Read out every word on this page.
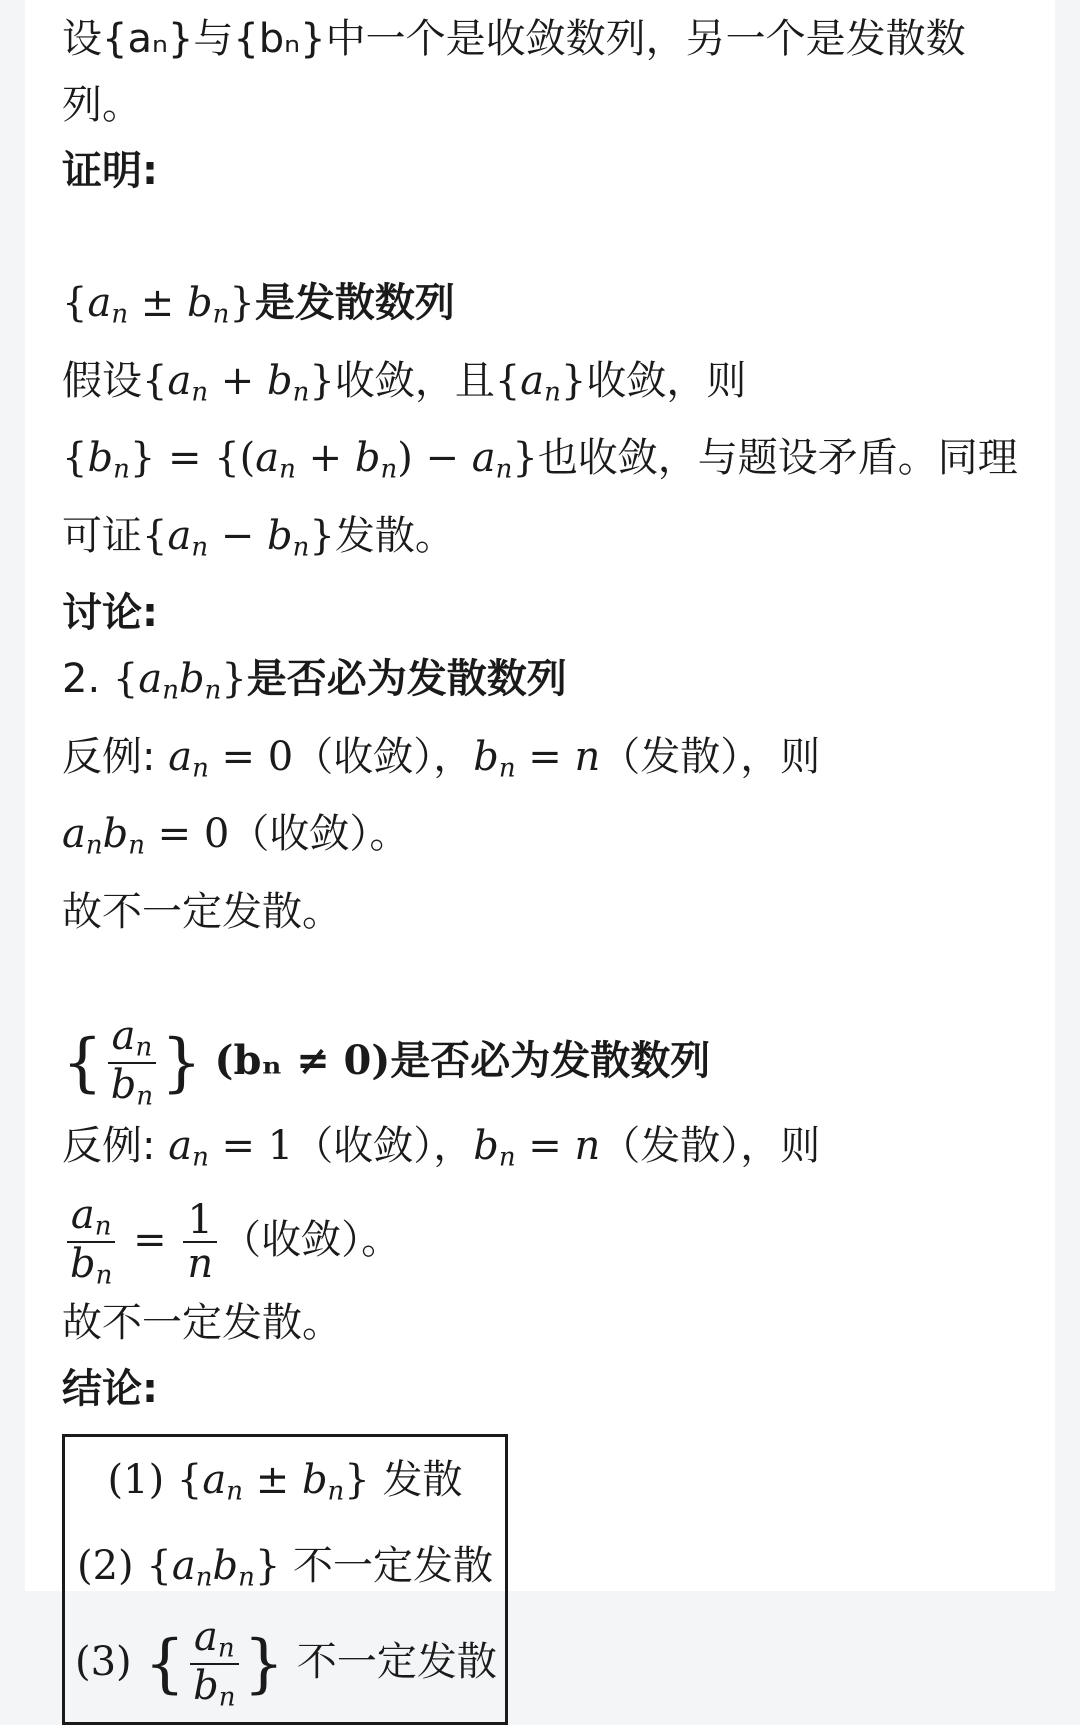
设{aₙ}与{bₙ}中一个是收敛数列，另一个是发散数
列。
证明:
$\{a_n \pm b_n\}$是发散数列
假设$\{a_n + b_n\}$收敛，且$\{a_n\}$收敛，则
$\{b_n\} = \{(a_n + b_n) - a_n\}$也收敛，与题设矛盾。同理
可证$\{a_n - b_n\}$发散。
讨论:
2. $\{a_nb_n\}$是否必为发散数列
反例: $a_n = 0$（收敛），$b_n = n$（发散），则
$a_nb_n = 0$（收敛）。
故不一定发散。
{ $\frac{a_n}{b_n}$ } (bₙ ≠ 0)是否必为发散数列
反例: $a_n = 1$（收敛），$b_n = n$（发散），则
$\frac{a_n}{b_n} = \frac{1}{n}$ （收敛）。
故不一定发散。
结论:
(1) $\{a_n \pm b_n\}$ 发散
(2) $\{a_nb_n\}$ 不一定发散
(3) { $\frac{a_n}{b_n}$ } 不一定发散
